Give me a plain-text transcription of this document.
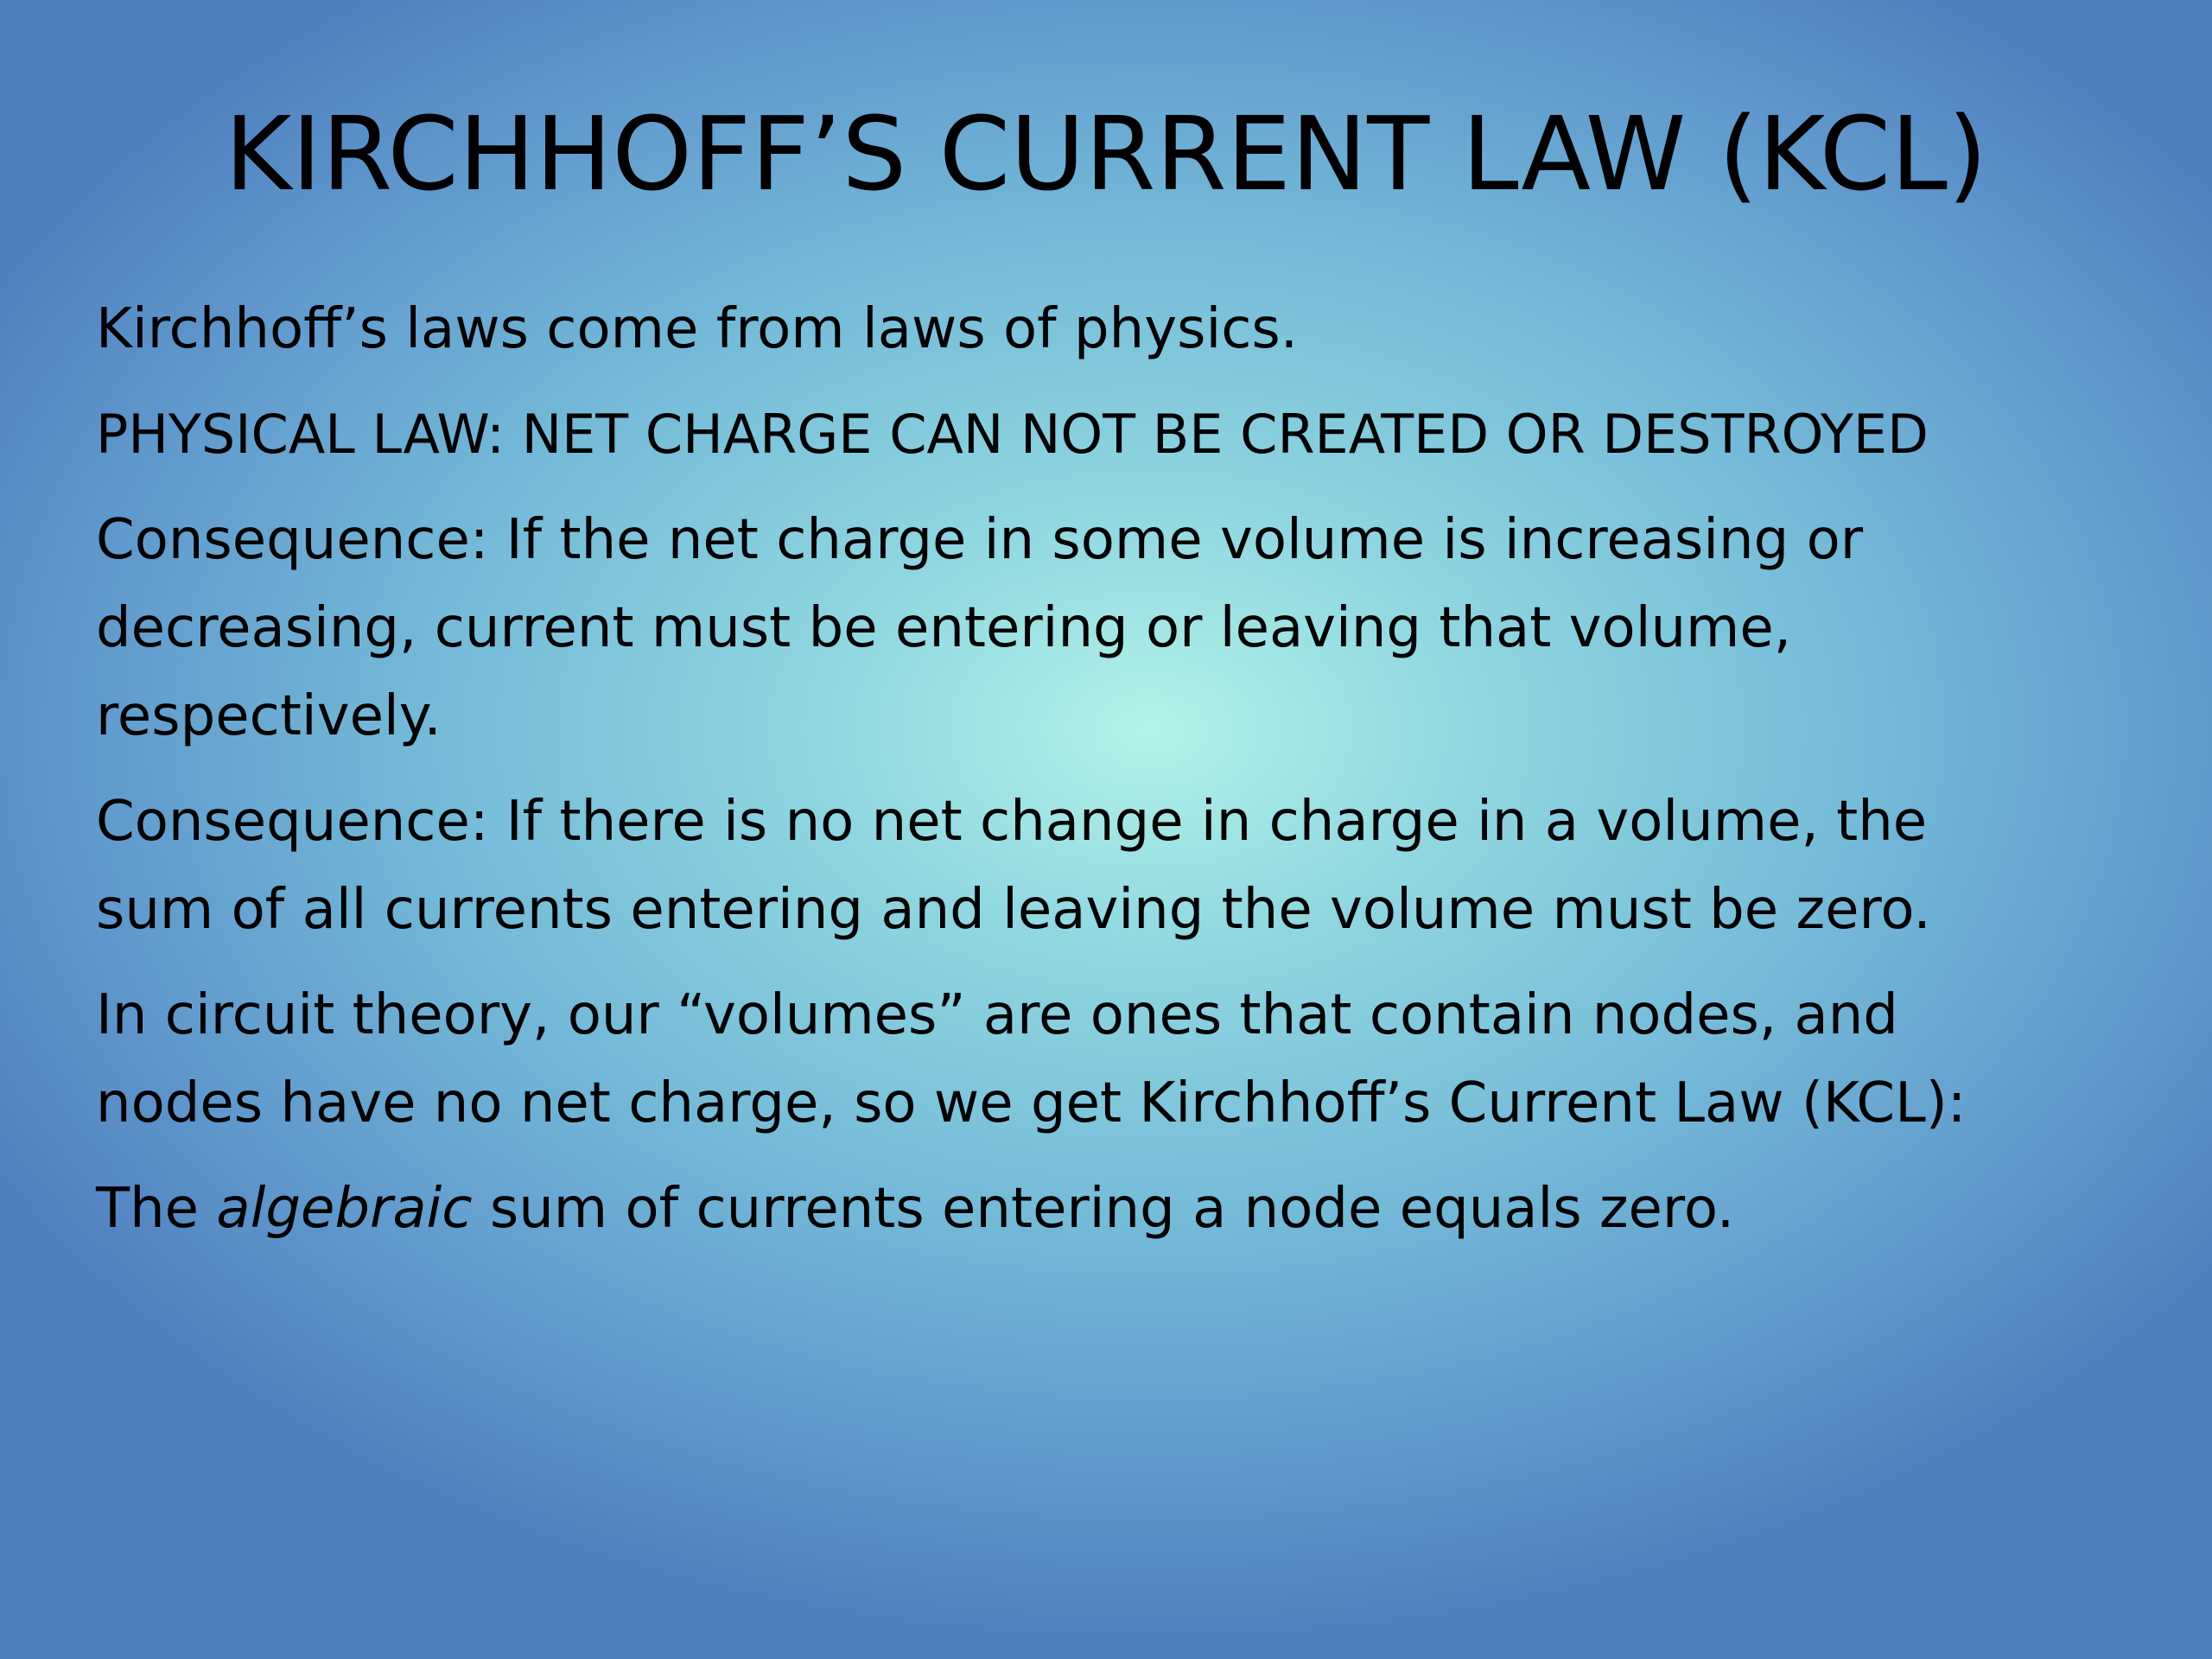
KIRCHHOFF’S CURRENT LAW (KCL)

Kirchhoff’s laws come from laws of physics.

PHYSICAL LAW: NET CHARGE CAN NOT BE CREATED OR DESTROYED

Consequence: If the net charge in some volume is increasing or
decreasing, current must be entering or leaving that volume,
respectively.

Consequence: If there is no net change in charge in a volume, the
sum of all currents entering and leaving the volume must be zero.

In circuit theory, our “volumes” are ones that contain nodes, and
nodes have no net charge, so we get Kirchhoff’s Current Law (KCL):

The algebraic sum of currents entering a node equals zero.
